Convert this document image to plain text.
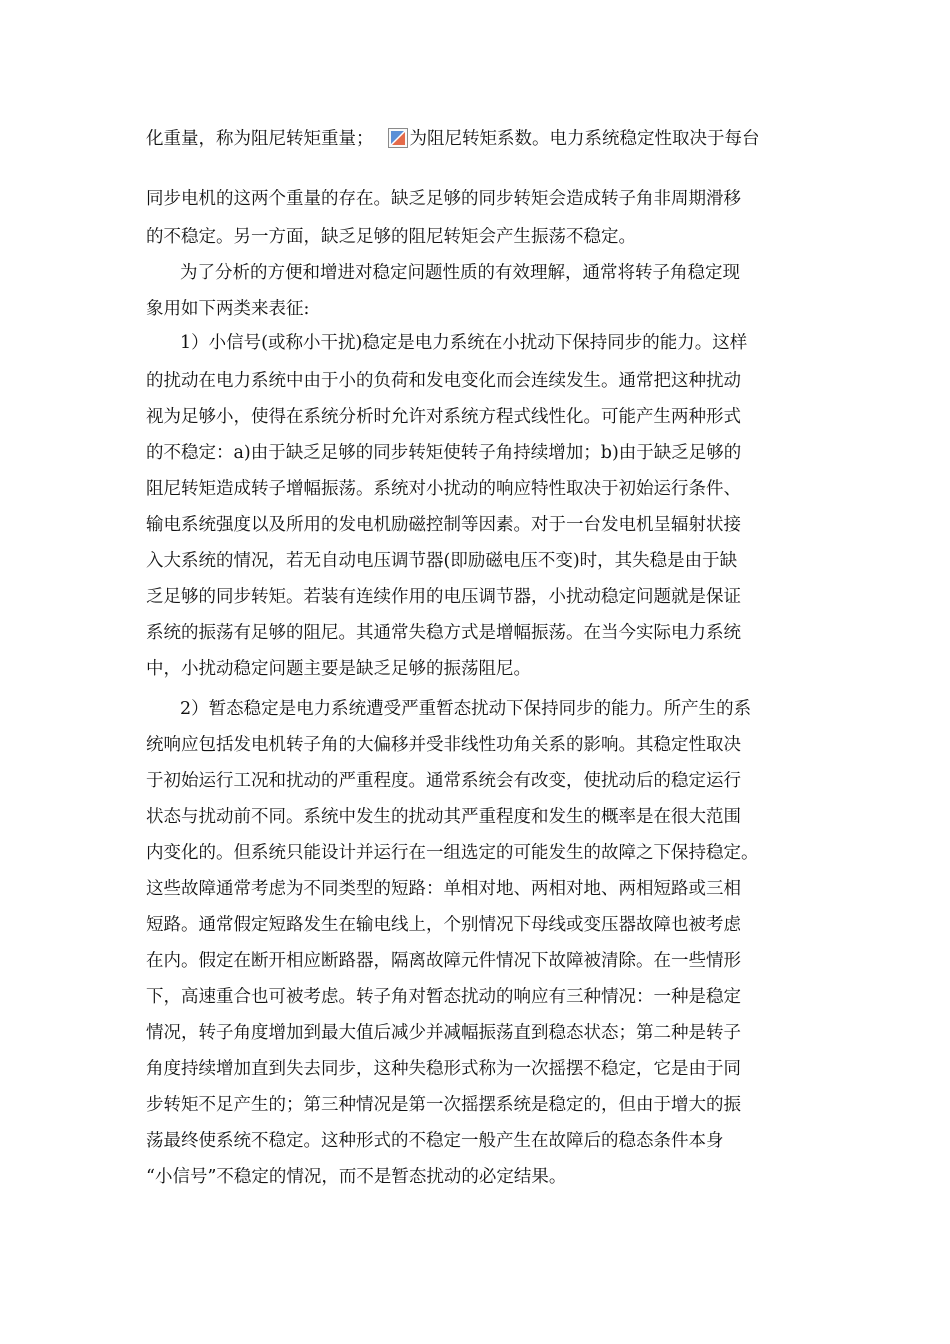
化重量，称为阻尼转矩重量； 为阻尼转矩系数。电力系统稳定性取决于每台
同步电机的这两个重量的存在。缺乏足够的同步转矩会造成转子角非周期滑移
的不稳定。另一方面，缺乏足够的阻尼转矩会产生振荡不稳定。
为了分析的方便和增进对稳定问题性质的有效理解，通常将转子角稳定现
象用如下两类来表征:
1）小信号(或称小干扰)稳定是电力系统在小扰动下保持同步的能力。这样
的扰动在电力系统中由于小的负荷和发电变化而会连续发生。通常把这种扰动
视为足够小，使得在系统分析时允许对系统方程式线性化。可能产生两种形式
的不稳定：a)由于缺乏足够的同步转矩使转子角持续增加；b)由于缺乏足够的
阻尼转矩造成转子增幅振荡。系统对小扰动的响应特性取决于初始运行条件、
输电系统强度以及所用的发电机励磁控制等因素。对于一台发电机呈辐射状接
入大系统的情况，若无自动电压调节器(即励磁电压不变)时，其失稳是由于缺
乏足够的同步转矩。若装有连续作用的电压调节器，小扰动稳定问题就是保证
系统的振荡有足够的阻尼。其通常失稳方式是增幅振荡。在当今实际电力系统
中，小扰动稳定问题主要是缺乏足够的振荡阻尼。
2）暂态稳定是电力系统遭受严重暂态扰动下保持同步的能力。所产生的系
统响应包括发电机转子角的大偏移并受非线性功角关系的影响。其稳定性取决
于初始运行工况和扰动的严重程度。通常系统会有改变，使扰动后的稳定运行
状态与扰动前不同。系统中发生的扰动其严重程度和发生的概率是在很大范围
内变化的。但系统只能设计并运行在一组选定的可能发生的故障之下保持稳定。
这些故障通常考虑为不同类型的短路：单相对地、两相对地、两相短路或三相
短路。通常假定短路发生在输电线上，个别情况下母线或变压器故障也被考虑
在内。假定在断开相应断路器，隔离故障元件情况下故障被清除。在一些情形
下，高速重合也可被考虑。转子角对暂态扰动的响应有三种情况：一种是稳定
情况，转子角度增加到最大值后减少并减幅振荡直到稳态状态；第二种是转子
角度持续增加直到失去同步，这种失稳形式称为一次摇摆不稳定，它是由于同
步转矩不足产生的；第三种情况是第一次摇摆系统是稳定的，但由于增大的振
荡最终使系统不稳定。这种形式的不稳定一般产生在故障后的稳态条件本身
“小信号”不稳定的情况，而不是暂态扰动的必定结果。
